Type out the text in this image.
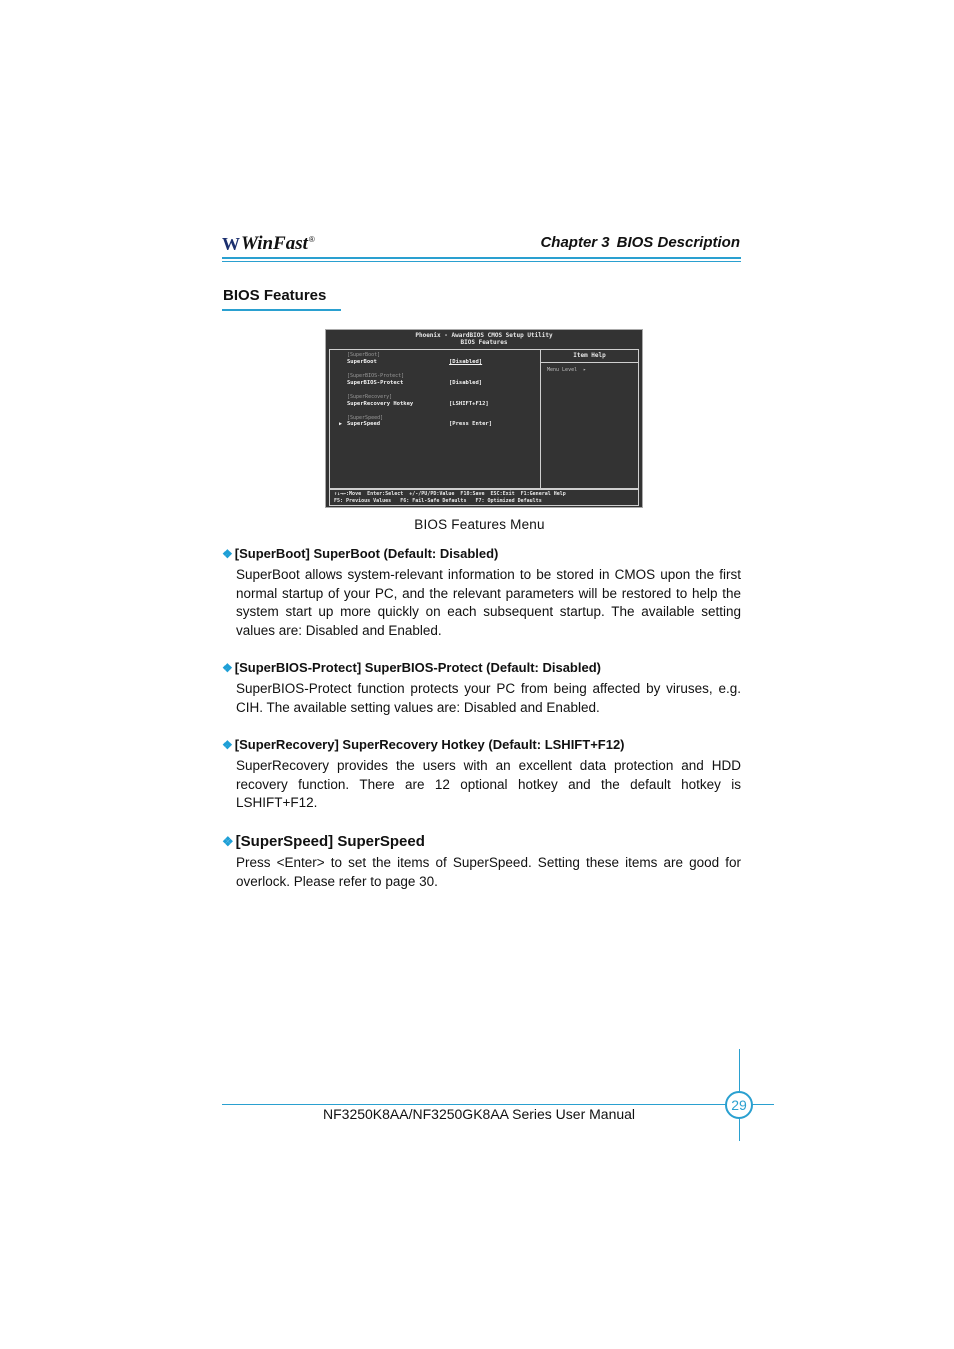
W WinFast ®	Chapter 3 BIOS Description
BIOS Features
Phoenix - AwardBIOS CMOS Setup Utility
BIOS Features
Item Help
Menu Level  ▸
[SuperBoot]
SuperBoot	[Disabled]
[SuperBIOS-Protect]
SuperBIOS-Protect	[Disabled]
[SuperRecovery]
SuperRecovery Hotkey	[LSHIFT+F12]
[SuperSpeed]
▶ SuperSpeed	[Press Enter]
↑↓→←:Move  Enter:Select  +/-/PU/PD:Value  F10:Save  ESC:Exit  F1:General Help
F5: Previous Values   F6: Fail-Safe Defaults   F7: Optimized Defaults
BIOS Features Menu
❖ [SuperBoot] SuperBoot (Default: Disabled)
SuperBoot allows system-relevant information to be stored in CMOS upon the first normal startup of your PC, and the relevant parameters will be restored to help the system start up more quickly on each subsequent startup. The available setting values are: Disabled and Enabled.
❖ [SuperBIOS-Protect] SuperBIOS-Protect (Default: Disabled)
SuperBIOS-Protect function protects your PC from being affected by viruses, e.g. CIH. The available setting values are: Disabled and Enabled.
❖ [SuperRecovery] SuperRecovery Hotkey (Default: LSHIFT+F12)
SuperRecovery provides the users with an excellent data protection and HDD recovery function. There are 12 optional hotkey and the default hotkey is LSHIFT+F12.
❖ [SuperSpeed] SuperSpeed
Press <Enter> to set the items of SuperSpeed. Setting these items are good for overlock. Please refer to page 30.
29
NF3250K8AA/NF3250GK8AA Series User Manual
